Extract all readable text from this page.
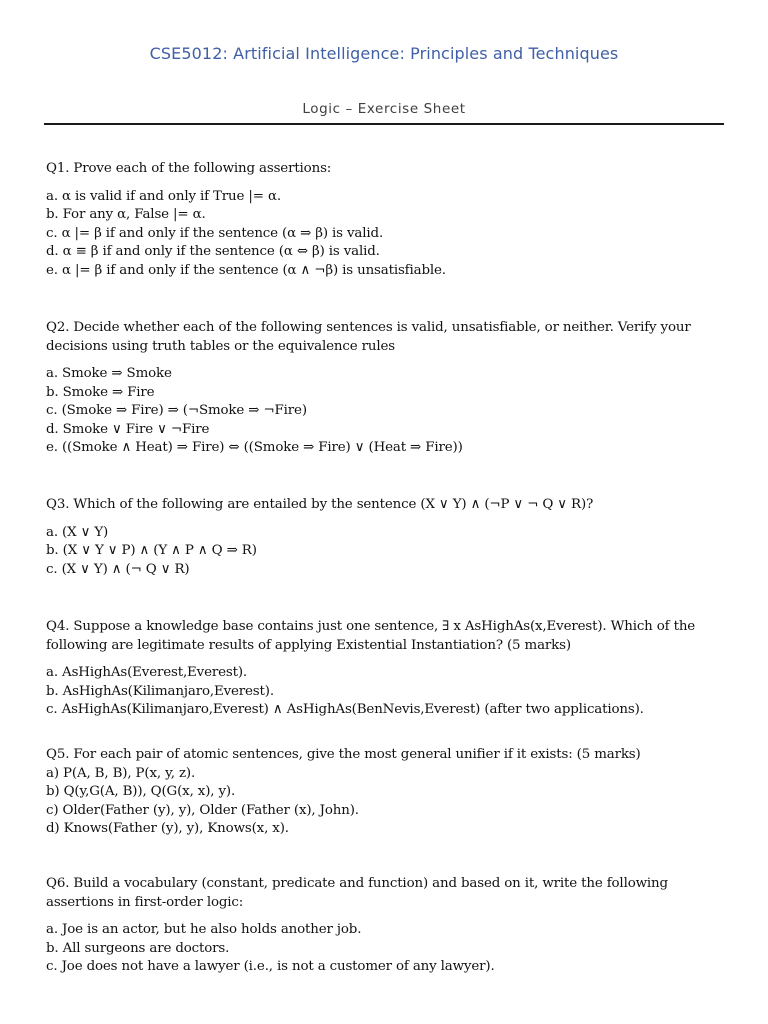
CSE5012: Artificial Intelligence: Principles and Techniques
Logic – Exercise Sheet

Q1. Prove each of the following assertions:

a. α is valid if and only if True |= α.
b. For any α, False |= α.
c. α |= β if and only if the sentence (α ⇒ β) is valid.
d. α ≡ β if and only if the sentence (α ⇔ β) is valid.
e. α |= β if and only if the sentence (α ∧ ¬β) is unsatisfiable.

Q2. Decide whether each of the following sentences is valid, unsatisfiable, or neither. Verify your decisions using truth tables or the equivalence rules

a. Smoke ⇒ Smoke
b. Smoke ⇒ Fire
c. (Smoke ⇒ Fire) ⇒ (¬Smoke ⇒ ¬Fire)
d. Smoke ∨ Fire ∨ ¬Fire
e. ((Smoke ∧ Heat) ⇒ Fire) ⇔ ((Smoke ⇒ Fire) ∨ (Heat ⇒ Fire))

Q3. Which of the following are entailed by the sentence (X ∨ Y) ∧ (¬P ∨ ¬ Q ∨ R)?

a. (X ∨ Y)
b. (X ∨ Y ∨ P) ∧ (Y ∧ P ∧ Q ⇒ R)
c. (X ∨ Y) ∧ (¬ Q ∨ R)

Q4. Suppose a knowledge base contains just one sentence, ∃ x AsHighAs(x,Everest). Which of the following are legitimate results of applying Existential Instantiation? (5 marks)

a. AsHighAs(Everest,Everest).
b. AsHighAs(Kilimanjaro,Everest).
c. AsHighAs(Kilimanjaro,Everest) ∧ AsHighAs(BenNevis,Everest) (after two applications).

Q5. For each pair of atomic sentences, give the most general unifier if it exists: (5 marks)

a) P(A, B, B), P(x, y, z).
b) Q(y,G(A, B)), Q(G(x, x), y).
c) Older(Father (y), y), Older (Father (x), John).
d) Knows(Father (y), y), Knows(x, x).

Q6. Build a vocabulary (constant, predicate and function) and based on it, write the following assertions in first-order logic:

a. Joe is an actor, but he also holds another job.
b. All surgeons are doctors.
c. Joe does not have a lawyer (i.e., is not a customer of any lawyer).
